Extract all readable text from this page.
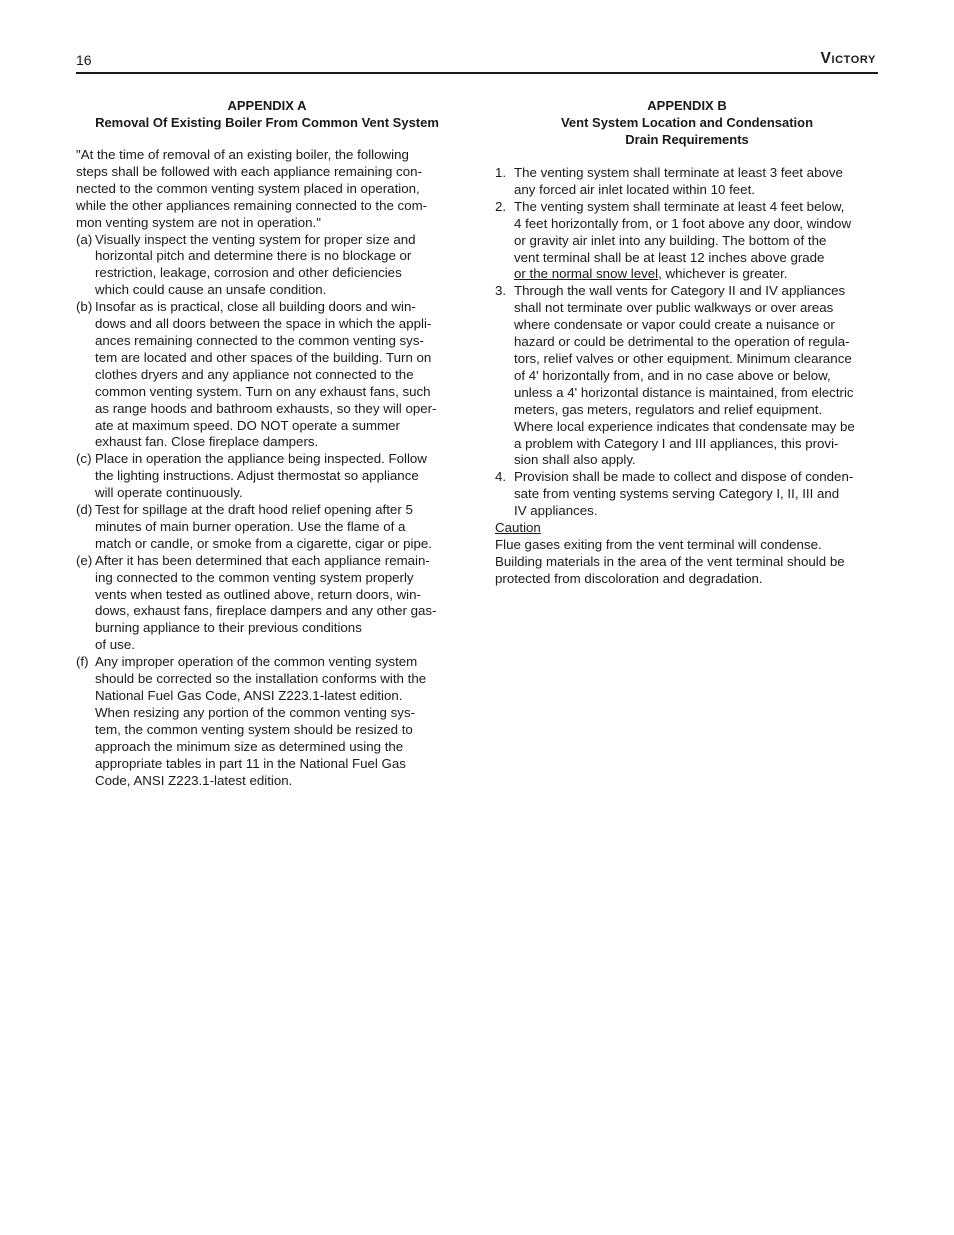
16	Victory
APPENDIX A
Removal Of Existing Boiler From Common Vent System
"At the time of removal of an existing boiler, the following
steps shall be followed with each appliance remaining con-
nected to the common venting system placed in operation,
while the other appliances remaining connected to the com-
mon venting system are not in operation."
(a) Visually inspect the venting system for proper size and
horizontal pitch and determine there is no blockage or
restriction, leakage, corrosion and other deficiencies
which could cause an unsafe condition.
(b) Insofar as is practical, close all building doors and win-
dows and all doors between the space in which the appli-
ances remaining connected to the common venting sys-
tem are located and other spaces of the building. Turn on
clothes dryers and any appliance not connected to the
common venting system. Turn on any exhaust fans, such
as range hoods and bathroom exhausts, so they will oper-
ate at maximum speed. DO NOT operate a summer
exhaust fan. Close fireplace dampers.
(c) Place in operation the appliance being inspected. Follow
the lighting instructions. Adjust thermostat so appliance
will operate continuously.
(d) Test for spillage at the draft hood relief opening after 5
minutes of main burner operation. Use the flame of a
match or candle, or smoke from a cigarette, cigar or pipe.
(e) After it has been determined that each appliance remain-
ing connected to the common venting system properly
vents when tested as outlined above, return doors, win-
dows, exhaust fans, fireplace dampers and any other gas-
burning appliance to their previous conditions
of use.
(f) Any improper operation of the common venting system
should be corrected so the installation conforms with the
National Fuel Gas Code, ANSI Z223.1-latest edition.
When resizing any portion of the common venting sys-
tem, the common venting system should be resized to
approach the minimum size as determined using the
appropriate tables in part 11 in the National Fuel Gas
Code, ANSI Z223.1-latest edition.
APPENDIX B
Vent System Location and Condensation
Drain Requirements
1. The venting system shall terminate at least 3 feet above
any forced air inlet located within 10 feet.
2. The venting system shall terminate at least 4 feet below,
4 feet horizontally from, or 1 foot above any door, window
or gravity air inlet into any building. The bottom of the
vent terminal shall be at least 12 inches above grade
or the normal snow level, whichever is greater.
3. Through the wall vents for Category II and IV appliances
shall not terminate over public walkways or over areas
where condensate or vapor could create a nuisance or
hazard or could be detrimental to the operation of regula-
tors, relief valves or other equipment. Minimum clearance
of 4' horizontally from, and in no case above or below,
unless a 4' horizontal distance is maintained, from electric
meters, gas meters, regulators and relief equipment.
Where local experience indicates that condensate may be
a problem with Category I and III appliances, this provi-
sion shall also apply.
4. Provision shall be made to collect and dispose of conden-
sate from venting systems serving Category I, II, III and
IV appliances.
Caution
Flue gases exiting from the vent terminal will condense.
Building materials in the area of the vent terminal should be
protected from discoloration and degradation.
